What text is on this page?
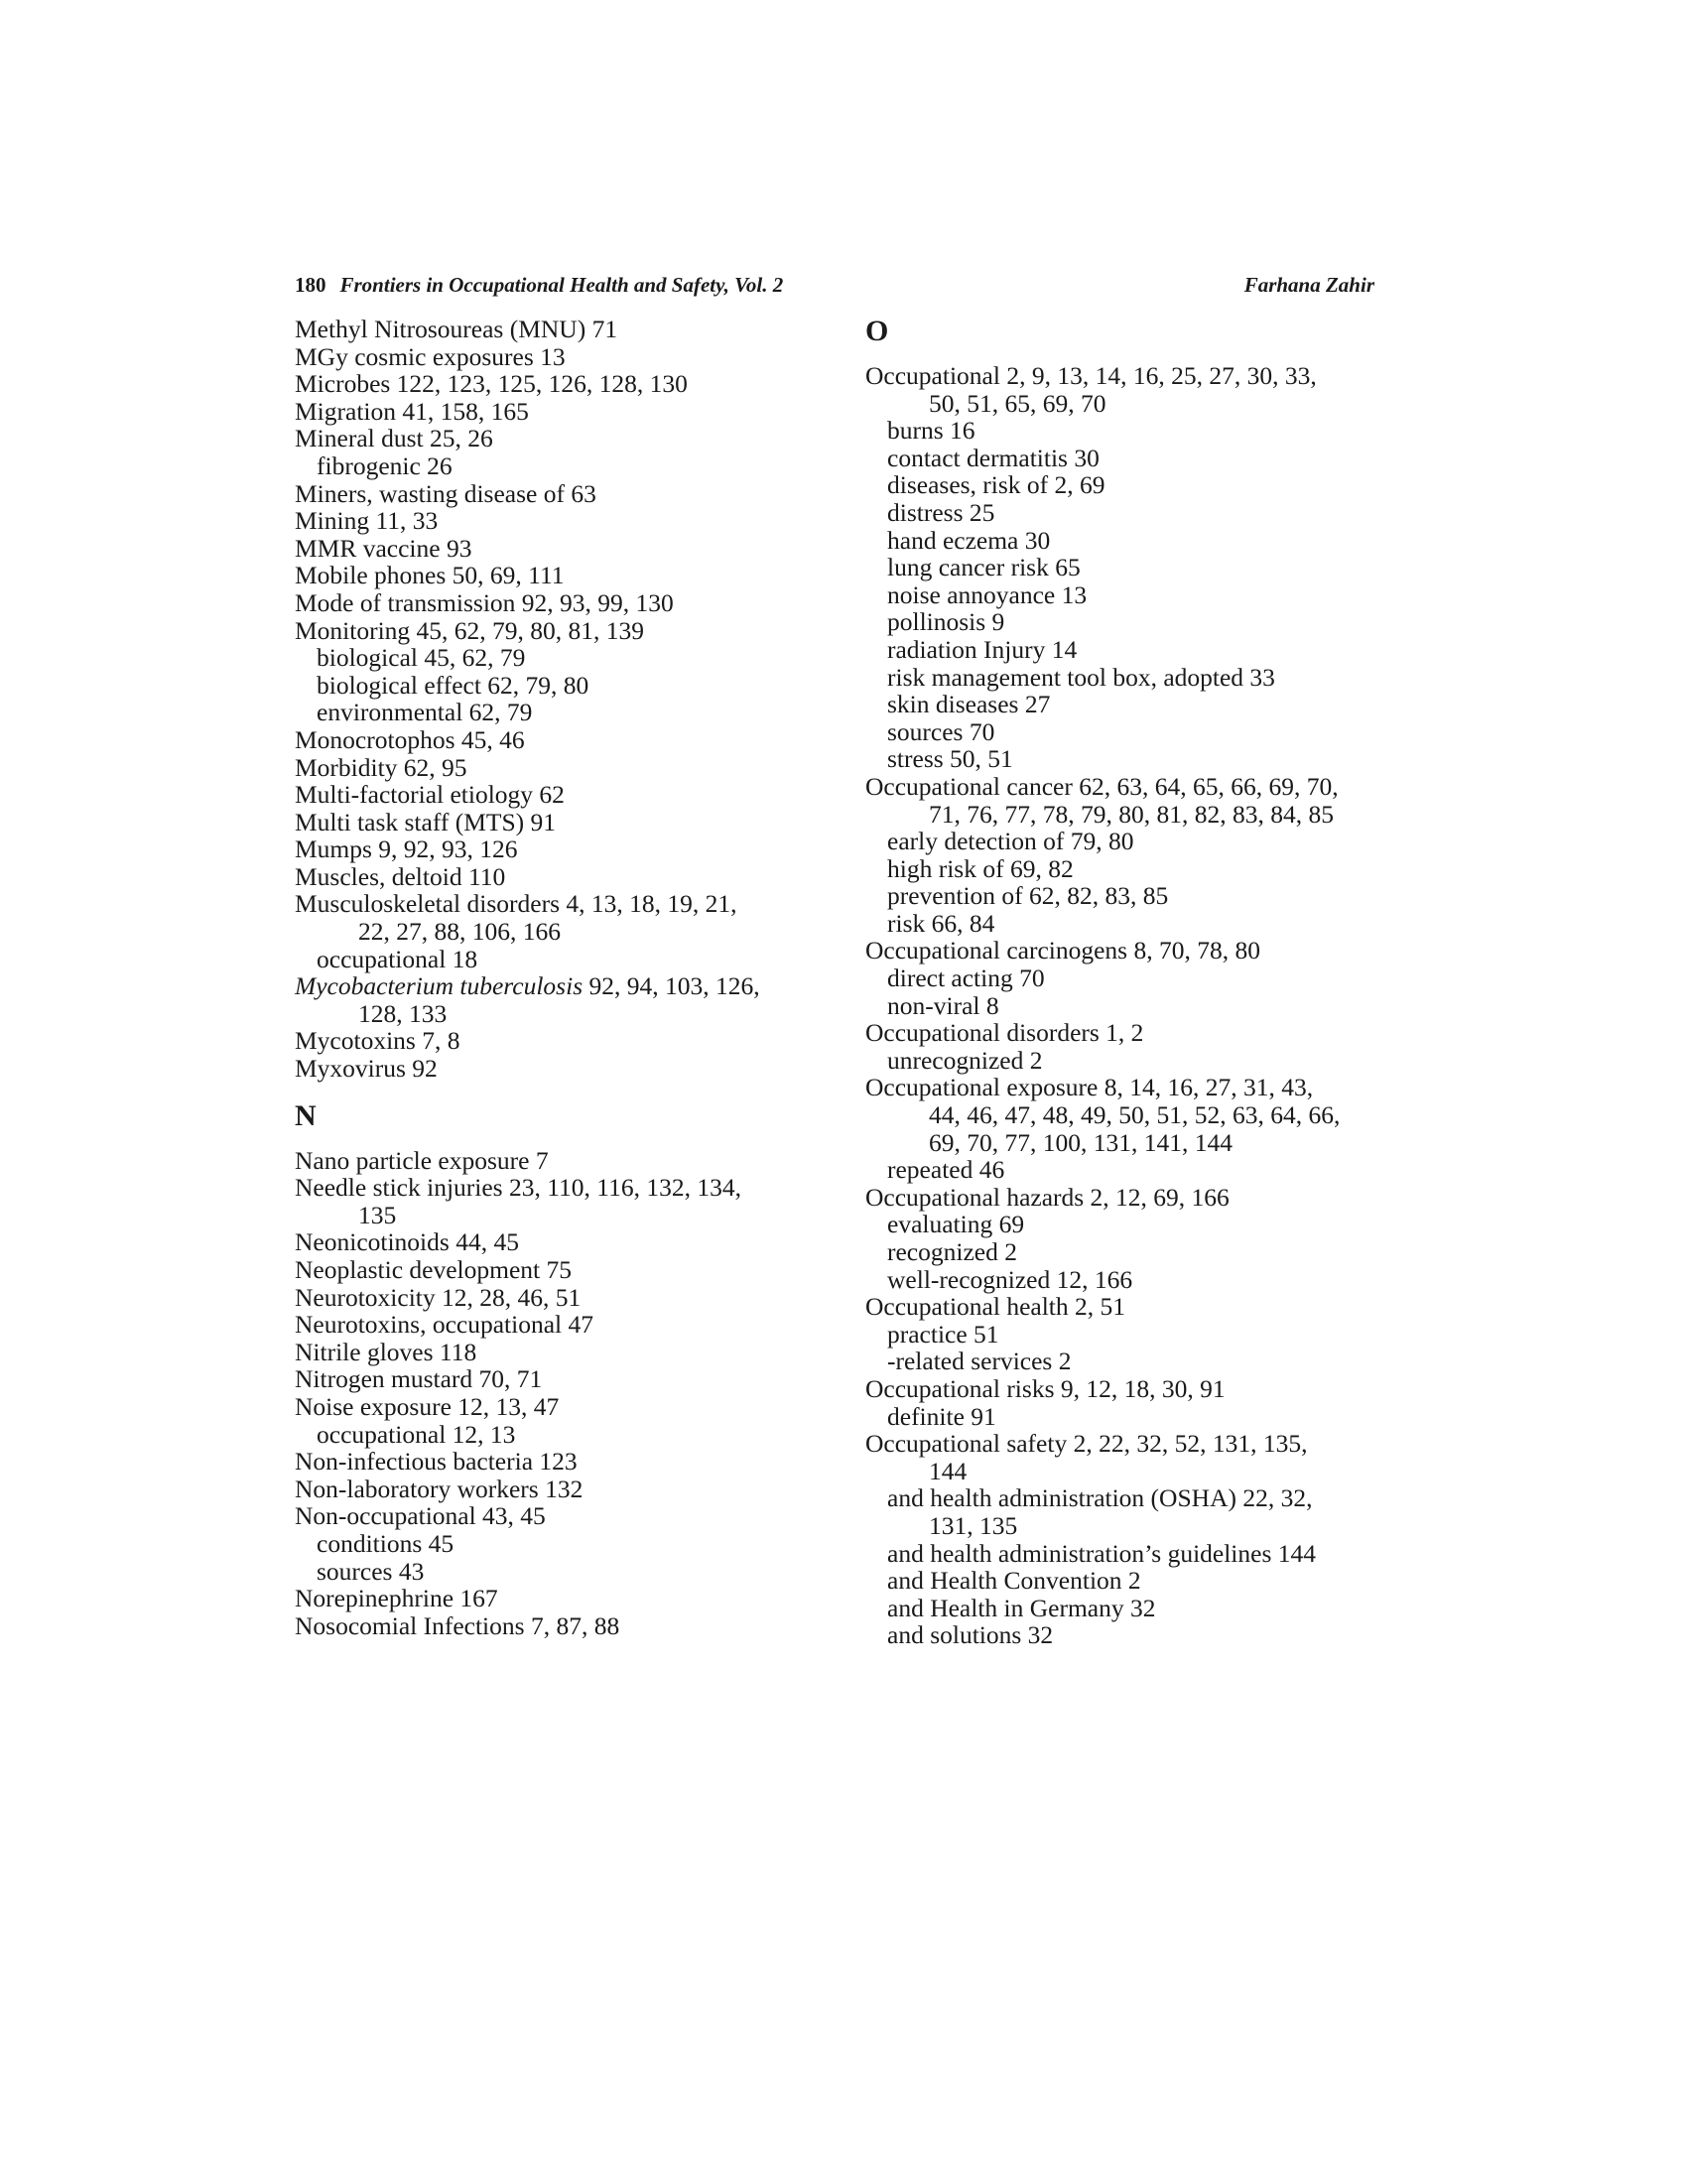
180 Frontiers in Occupational Health and Safety, Vol. 2	Farhana Zahir
Methyl Nitrosoureas (MNU) 71
MGy cosmic exposures 13
Microbes 122, 123, 125, 126, 128, 130
Migration 41, 158, 165
Mineral dust 25, 26
fibrogenic 26
Miners, wasting disease of 63
Mining 11, 33
MMR vaccine 93
Mobile phones 50, 69, 111
Mode of transmission 92, 93, 99, 130
Monitoring 45, 62, 79, 80, 81, 139
biological 45, 62, 79
biological effect 62, 79, 80
environmental 62, 79
Monocrotophos 45, 46
Morbidity 62, 95
Multi-factorial etiology 62
Multi task staff (MTS) 91
Mumps 9, 92, 93, 126
Muscles, deltoid 110
Musculoskeletal disorders 4, 13, 18, 19, 21,
22, 27, 88, 106, 166
occupational 18
Mycobacterium tuberculosis 92, 94, 103, 126,
128, 133
Mycotoxins 7, 8
Myxovirus 92
N
Nano particle exposure 7
Needle stick injuries 23, 110, 116, 132, 134,
135
Neonicotinoids 44, 45
Neoplastic development 75
Neurotoxicity 12, 28, 46, 51
Neurotoxins, occupational 47
Nitrile gloves 118
Nitrogen mustard 70, 71
Noise exposure 12, 13, 47
occupational 12, 13
Non-infectious bacteria 123
Non-laboratory workers 132
Non-occupational 43, 45
conditions 45
sources 43
Norepinephrine 167
Nosocomial Infections 7, 87, 88
O
Occupational 2, 9, 13, 14, 16, 25, 27, 30, 33,
50, 51, 65, 69, 70
burns 16
contact dermatitis 30
diseases, risk of 2, 69
distress 25
hand eczema 30
lung cancer risk 65
noise annoyance 13
pollinosis 9
radiation Injury 14
risk management tool box, adopted 33
skin diseases 27
sources 70
stress 50, 51
Occupational cancer 62, 63, 64, 65, 66, 69, 70,
71, 76, 77, 78, 79, 80, 81, 82, 83, 84, 85
early detection of 79, 80
high risk of 69, 82
prevention of 62, 82, 83, 85
risk 66, 84
Occupational carcinogens 8, 70, 78, 80
direct acting 70
non-viral 8
Occupational disorders 1, 2
unrecognized 2
Occupational exposure 8, 14, 16, 27, 31, 43,
44, 46, 47, 48, 49, 50, 51, 52, 63, 64, 66,
69, 70, 77, 100, 131, 141, 144
repeated 46
Occupational hazards 2, 12, 69, 166
evaluating 69
recognized 2
well-recognized 12, 166
Occupational health 2, 51
practice 51
-related services 2
Occupational risks 9, 12, 18, 30, 91
definite 91
Occupational safety 2, 22, 32, 52, 131, 135,
144
and health administration (OSHA) 22, 32,
131, 135
and health administration’s guidelines 144
and Health Convention 2
and Health in Germany 32
and solutions 32
